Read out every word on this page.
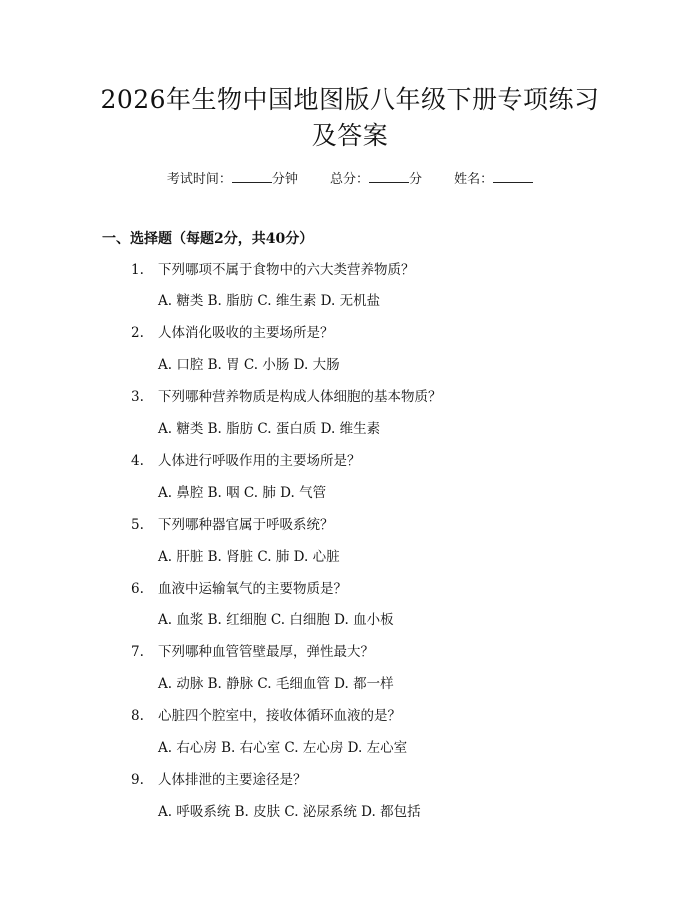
2026年生物中国地图版八年级下册专项练习
及答案
考试时间：	分钟 总分：	分 姓名：
一、选择题（每题2分，共40分）
1. 下列哪项不属于食物中的六大类营养物质？
A. 糖类 B. 脂肪 C. 维生素 D. 无机盐
2. 人体消化吸收的主要场所是？
A. 口腔 B. 胃 C. 小肠 D. 大肠
3. 下列哪种营养物质是构成人体细胞的基本物质？
A. 糖类 B. 脂肪 C. 蛋白质 D. 维生素
4. 人体进行呼吸作用的主要场所是？
A. 鼻腔 B. 咽 C. 肺 D. 气管
5. 下列哪种器官属于呼吸系统？
A. 肝脏 B. 肾脏 C. 肺 D. 心脏
6. 血液中运输氧气的主要物质是？
A. 血浆 B. 红细胞 C. 白细胞 D. 血小板
7. 下列哪种血管管壁最厚，弹性最大？
A. 动脉 B. 静脉 C. 毛细血管 D. 都一样
8. 心脏四个腔室中，接收体循环血液的是？
A. 右心房 B. 右心室 C. 左心房 D. 左心室
9. 人体排泄的主要途径是？
A. 呼吸系统 B. 皮肤 C. 泌尿系统 D. 都包括
